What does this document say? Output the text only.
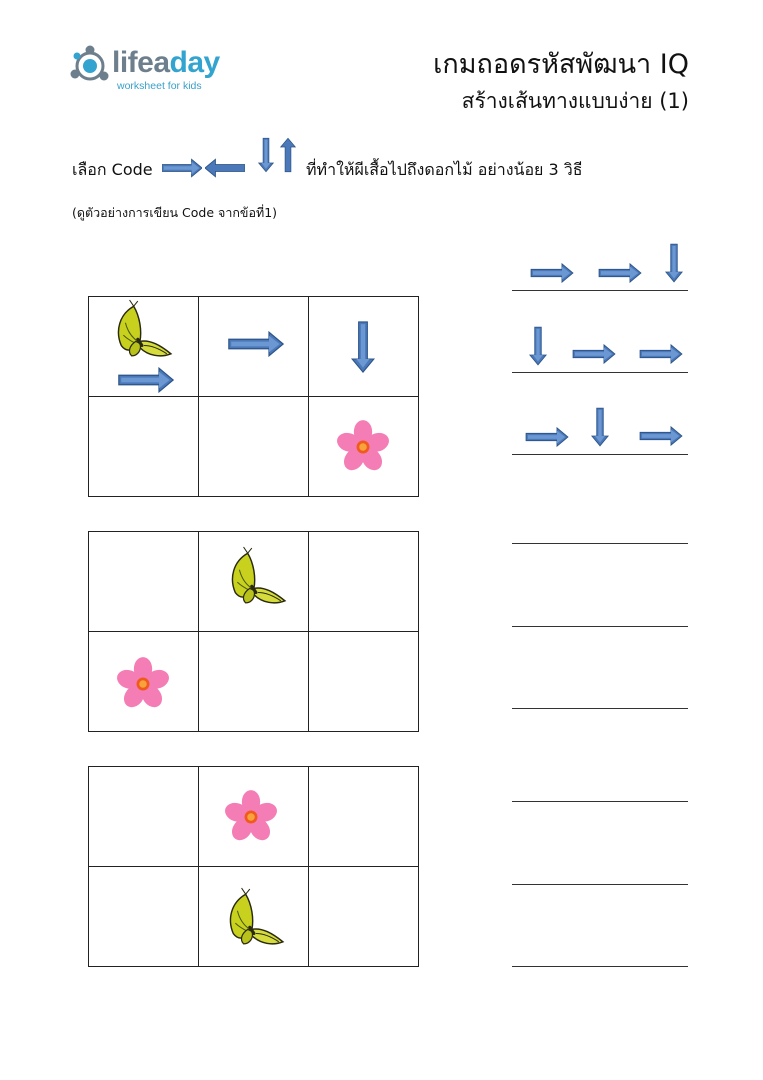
lifeaday
worksheet for kids
เกมถอดรหัสพัฒนา IQ
สร้างเส้นทางแบบง่าย (1)
เลือก Code	ที่ทำให้ผีเสื้อไปถึงดอกไม้ อย่างน้อย 3 วิธี
(ดูตัวอย่างการเขียน Code จากข้อที่1)
